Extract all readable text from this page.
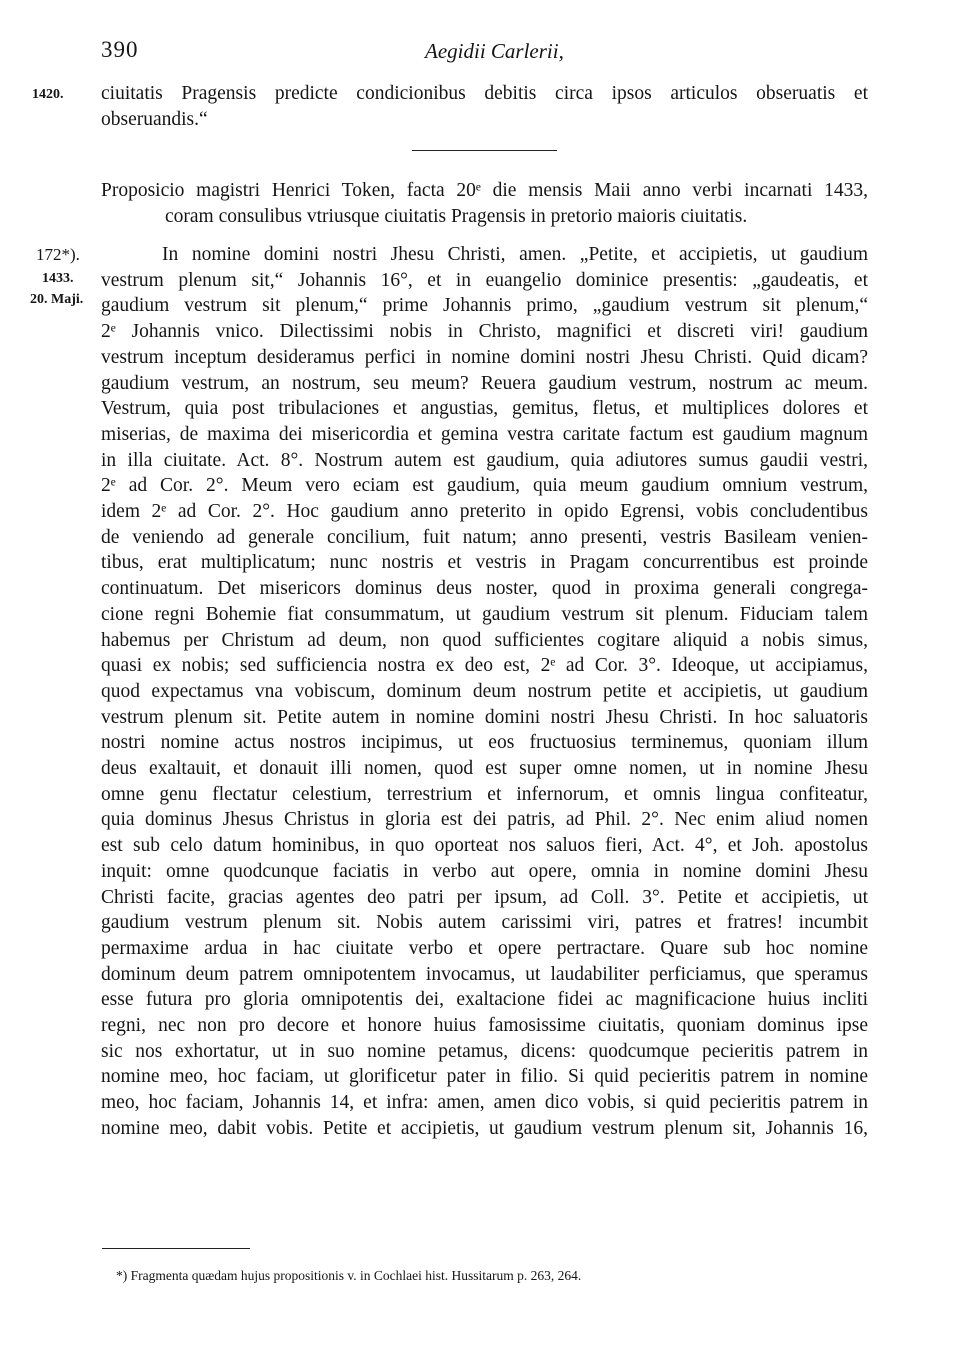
390	Aegidii Carlerii,
1420.
172*).
1433.
20. Maji.
ciuitatis Pragensis predicte condicionibus debitis circa ipsos articulos obseruatis et
obseruandis.“
Proposicio magistri Henrici Token, facta 20ᵉ die mensis Maii anno verbi incarnati 1433,
coram consulibus vtriusque ciuitatis Pragensis in pretorio maioris ciuitatis.
In nomine domini nostri Jhesu Christi, amen. „Petite, et accipietis, ut gaudium
vestrum plenum sit,“ Johannis 16°, et in euangelio dominice presentis: „gaudeatis, et
gaudium vestrum sit plenum,“ prime Johannis primo, „gaudium vestrum sit plenum,“
2ᵉ Johannis vnico. Dilectissimi nobis in Christo, magnifici et discreti viri! gaudium
vestrum inceptum desideramus perfici in nomine domini nostri Jhesu Christi. Quid dicam?
gaudium vestrum, an nostrum, seu meum? Reuera gaudium vestrum, nostrum ac meum.
Vestrum, quia post tribulaciones et angustias, gemitus, fletus, et multiplices dolores et
miserias, de maxima dei misericordia et gemina vestra caritate factum est gaudium magnum
in illa ciuitate. Act. 8°. Nostrum autem est gaudium, quia adiutores sumus gaudii vestri,
2ᵉ ad Cor. 2°. Meum vero eciam est gaudium, quia meum gaudium omnium vestrum,
idem 2ᵉ ad Cor. 2°. Hoc gaudium anno preterito in opido Egrensi, vobis concludentibus
de veniendo ad generale concilium, fuit natum; anno presenti, vestris Basileam venien-
tibus, erat multiplicatum; nunc nostris et vestris in Pragam concurrentibus est proinde
continuatum. Det misericors dominus deus noster, quod in proxima generali congrega-
cione regni Bohemie fiat consummatum, ut gaudium vestrum sit plenum. Fiduciam talem
habemus per Christum ad deum, non quod sufficientes cogitare aliquid a nobis simus,
quasi ex nobis; sed sufficiencia nostra ex deo est, 2ᵉ ad Cor. 3°. Ideoque, ut accipiamus,
quod expectamus vna vobiscum, dominum deum nostrum petite et accipietis, ut gaudium
vestrum plenum sit. Petite autem in nomine domini nostri Jhesu Christi. In hoc saluatoris
nostri nomine actus nostros incipimus, ut eos fructuosius terminemus, quoniam illum
deus exaltauit, et donauit illi nomen, quod est super omne nomen, ut in nomine Jhesu
omne genu flectatur celestium, terrestrium et infernorum, et omnis lingua confiteatur,
quia dominus Jhesus Christus in gloria est dei patris, ad Phil. 2°. Nec enim aliud nomen
est sub celo datum hominibus, in quo oporteat nos saluos fieri, Act. 4°, et Joh. apostolus
inquit: omne quodcunque faciatis in verbo aut opere, omnia in nomine domini Jhesu
Christi facite, gracias agentes deo patri per ipsum, ad Coll. 3°. Petite et accipietis, ut
gaudium vestrum plenum sit. Nobis autem carissimi viri, patres et fratres! incumbit
permaxime ardua in hac ciuitate verbo et opere pertractare. Quare sub hoc nomine
dominum deum patrem omnipotentem invocamus, ut laudabiliter perficiamus, que speramus
esse futura pro gloria omnipotentis dei, exaltacione fidei ac magnificacione huius incliti
regni, nec non pro decore et honore huius famosissime ciuitatis, quoniam dominus ipse
sic nos exhortatur, ut in suo nomine petamus, dicens: quodcumque pecieritis patrem in
nomine meo, hoc faciam, ut glorificetur pater in filio. Si quid pecieritis patrem in nomine
meo, hoc faciam, Johannis 14, et infra: amen, amen dico vobis, si quid pecieritis patrem in
nomine meo, dabit vobis. Petite et accipietis, ut gaudium vestrum plenum sit, Johannis 16,
*) Fragmenta quædam hujus propositionis v. in Cochlaei hist. Hussitarum p. 263, 264.
